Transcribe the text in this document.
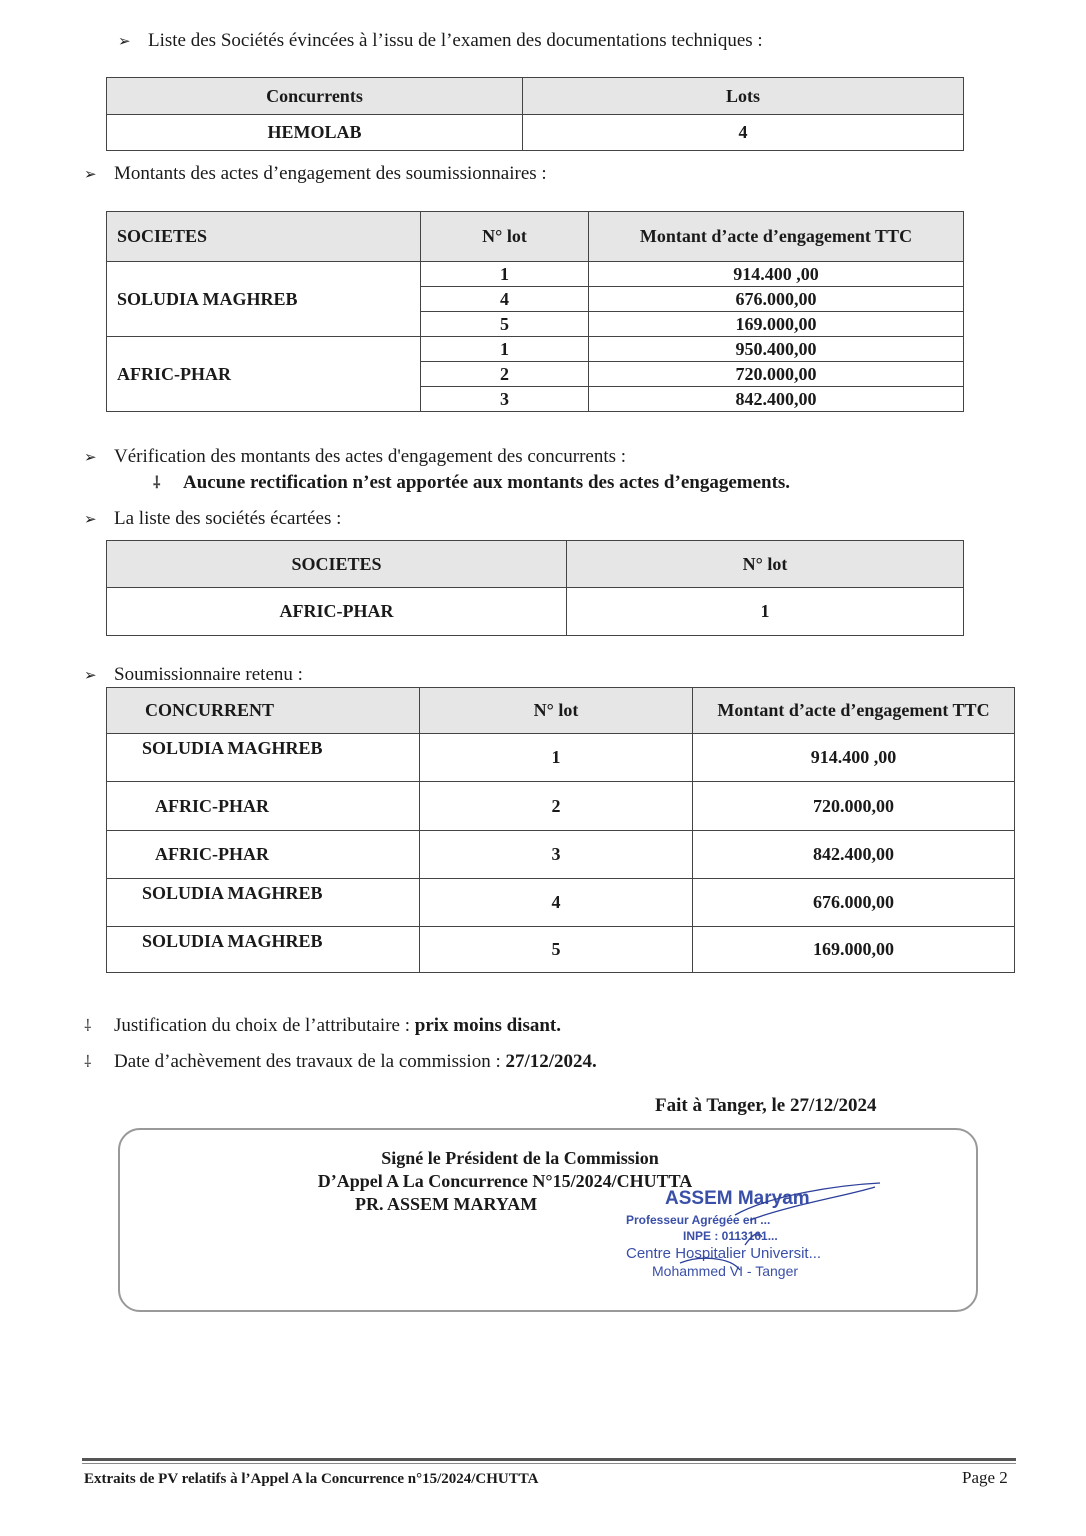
➢ Liste des Sociétés évincées à l’issu de l’examen des documentations techniques :
Concurrents	Lots
HEMOLAB	4
➢ Montants des actes d’engagement des soumissionnaires :
SOCIETES	N° lot	Montant d’acte d’engagement TTC
SOLUDIA MAGHREB	1	914.400 ,00
	4	676.000,00
	5	169.000,00
AFRIC-PHAR	1	950.400,00
	2	720.000,00
	3	842.400,00
➢ Vérification des montants des actes d'engagement des concurrents :
⸸ Aucune rectification n’est apportée aux montants des actes d’engagements.
➢ La liste des sociétés écartées :
SOCIETES	N° lot
AFRIC-PHAR	1
➢ Soumissionnaire retenu :
CONCURRENT	N° lot	Montant d’acte d’engagement TTC
SOLUDIA MAGHREB	1	914.400 ,00
AFRIC-PHAR	2	720.000,00
AFRIC-PHAR	3	842.400,00
SOLUDIA MAGHREB	4	676.000,00
SOLUDIA MAGHREB	5	169.000,00
⸸ Justification du choix de l’attributaire : prix moins disant.
⸸ Date d’achèvement des travaux de la commission : 27/12/2024.
Fait à Tanger, le 27/12/2024
Signé le Président de la Commission
D’Appel A La Concurrence N°15/2024/CHUTTA
PR. ASSEM MARYAM	ASSEM Maryam
Professeur Agrégée en ...
INPE : 0113161...
Centre Hospitalier Universit...
Mohammed VI - Tanger
Extraits de PV relatifs à l’Appel A la Concurrence n°15/2024/CHUTTA	Page 2
